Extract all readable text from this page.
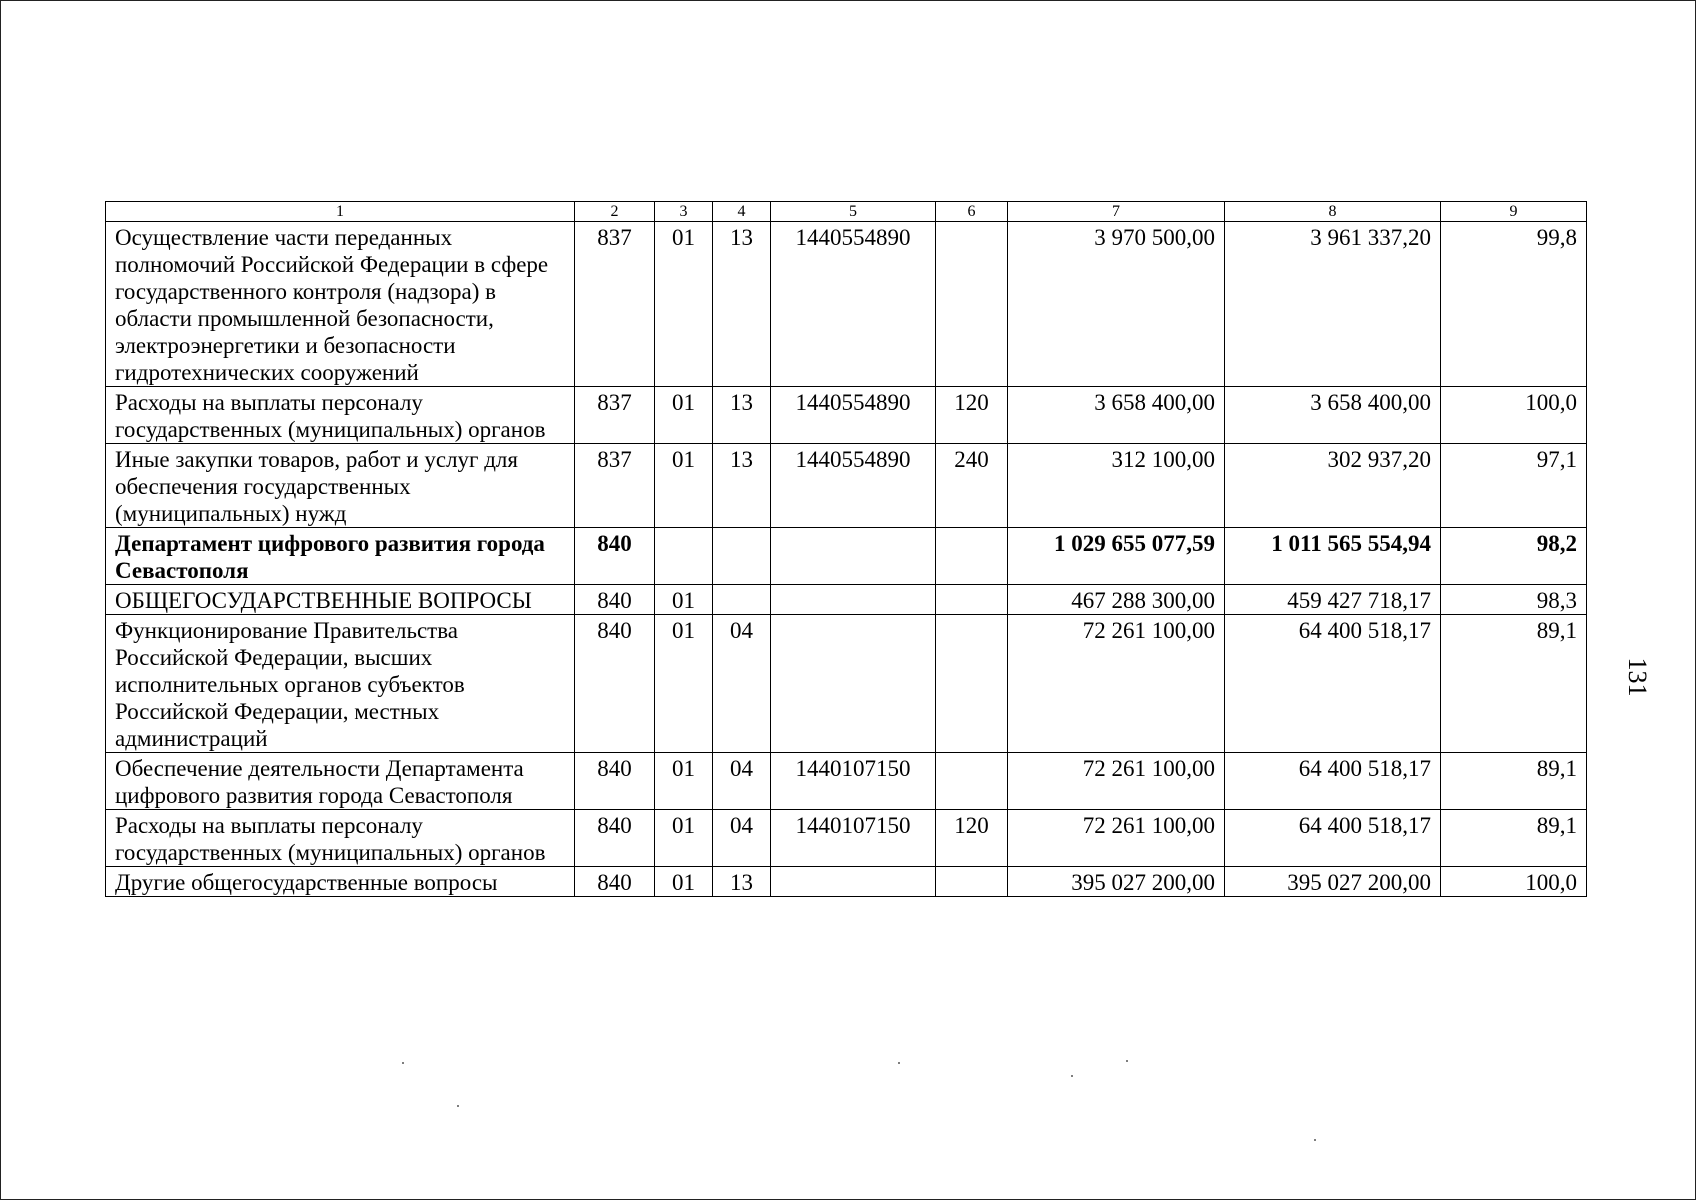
1	2	3	4	5	6	7	8	9
Осуществление части переданных полномочий Российской Федерации в сфере государственного контроля (надзора) в области промышленной безопасности, электроэнергетики и безопасности гидротехнических сооружений	837	01	13	1440554890		3 970 500,00	3 961 337,20	99,8
Расходы на выплаты персоналу государственных (муниципальных) органов	837	01	13	1440554890	120	3 658 400,00	3 658 400,00	100,0
Иные закупки товаров, работ и услуг для обеспечения государственных (муниципальных) нужд	837	01	13	1440554890	240	312 100,00	302 937,20	97,1
Департамент цифрового развития города Севастополя	840					1 029 655 077,59	1 011 565 554,94	98,2
ОБЩЕГОСУДАРСТВЕННЫЕ ВОПРОСЫ	840	01				467 288 300,00	459 427 718,17	98,3
Функционирование Правительства Российской Федерации, высших исполнительных органов субъектов Российской Федерации, местных администраций	840	01	04			72 261 100,00	64 400 518,17	89,1
Обеспечение деятельности Департамента цифрового развития города Севастополя	840	01	04	1440107150		72 261 100,00	64 400 518,17	89,1
Расходы на выплаты персоналу государственных (муниципальных) органов	840	01	04	1440107150	120	72 261 100,00	64 400 518,17	89,1
Другие общегосударственные вопросы	840	01	13			395 027 200,00	395 027 200,00	100,0
131
